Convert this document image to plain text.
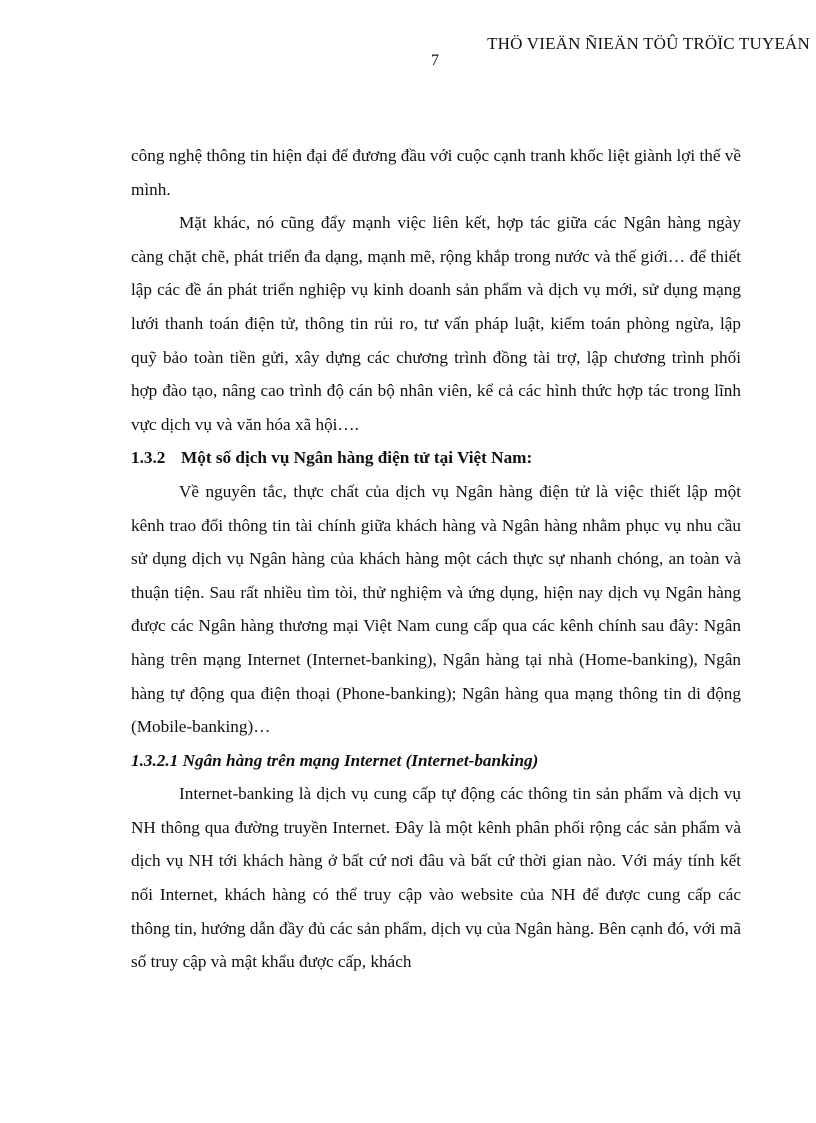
THÖ VIEÄN ÑIEÄN TÖÛ TRÖÏC TUYEÁN
7

công nghệ thông tin hiện đại để đương đầu với cuộc cạnh tranh khốc liệt giành lợi thế về mình.

Mặt khác, nó cũng đẩy mạnh việc liên kết, hợp tác giữa các Ngân hàng ngày càng chặt chẽ, phát triển đa dạng, mạnh mẽ, rộng khắp trong nước và thế giới… để thiết lập các đề án phát triển nghiệp vụ kinh doanh sản phẩm và dịch vụ mới, sử dụng mạng lưới thanh toán điện tử, thông tin rủi ro, tư vấn pháp luật, kiểm toán phòng ngừa, lập quỹ bảo toàn tiền gửi, xây dựng các chương trình đồng tài trợ, lập chương trình phối hợp đào tạo, nâng cao trình độ cán bộ nhân viên, kể cả các hình thức hợp tác trong lĩnh vực dịch vụ và văn hóa xã hội….

1.3.2 Một số dịch vụ Ngân hàng điện tử tại Việt Nam:

Về nguyên tắc, thực chất của dịch vụ Ngân hàng điện tử là việc thiết lập một kênh trao đổi thông tin tài chính giữa khách hàng và Ngân hàng nhằm phục vụ nhu cầu sử dụng dịch vụ Ngân hàng của khách hàng một cách thực sự nhanh chóng, an toàn và thuận tiện. Sau rất nhiều tìm tòi, thử nghiệm và ứng dụng, hiện nay dịch vụ Ngân hàng được các Ngân hàng thương mại Việt Nam cung cấp qua các kênh chính sau đây: Ngân hàng trên mạng Internet (Internet-banking), Ngân hàng tại nhà (Home-banking), Ngân hàng tự động qua điện thoại (Phone-banking); Ngân hàng qua mạng thông tin di động (Mobile-banking)…

1.3.2.1 Ngân hàng trên mạng Internet (Internet-banking)

Internet-banking là dịch vụ cung cấp tự động các thông tin sản phẩm và dịch vụ NH thông qua đường truyền Internet. Đây là một kênh phân phối rộng các sản phẩm và dịch vụ NH tới khách hàng ở bất cứ nơi đâu và bất cứ thời gian nào. Với máy tính kết nối Internet, khách hàng có thể truy cập vào website của NH để được cung cấp các thông tin, hướng dẫn đầy đủ các sản phẩm, dịch vụ của Ngân hàng. Bên cạnh đó, với mã số truy cập và mật khẩu được cấp, khách
